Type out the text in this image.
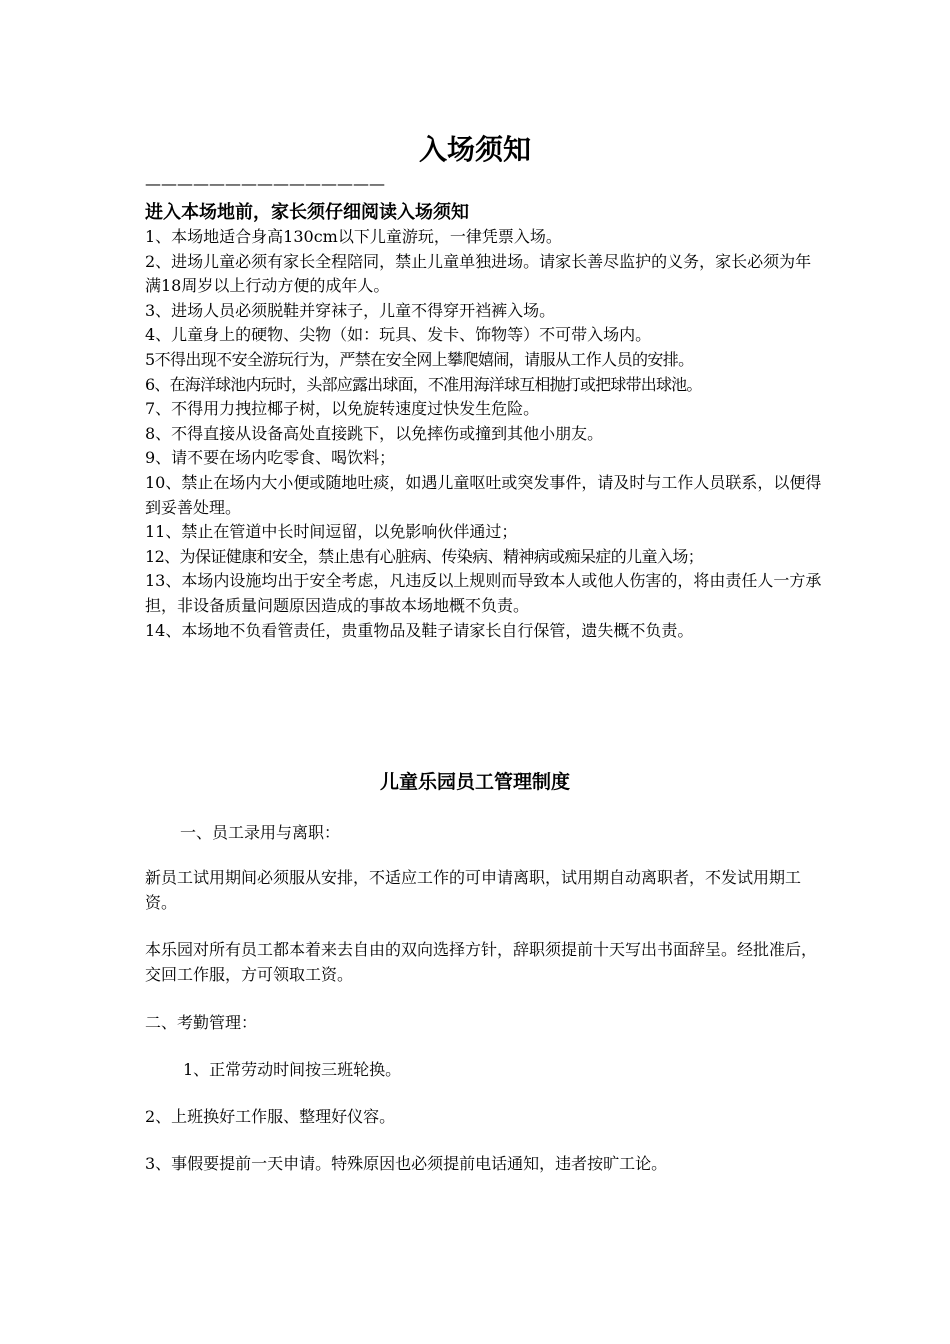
入场须知
———————————————
进入本场地前，家长须仔细阅读入场须知

1、本场地适合身高130cm以下儿童游玩，一律凭票入场。

2、进场儿童必须有家长全程陪同，禁止儿童单独进场。请家长善尽监护的义务，家长必须为年满18周岁以上行动方便的成年人。

3、进场人员必须脱鞋并穿袜子，儿童不得穿开裆裤入场。

4、儿童身上的硬物、尖物（如：玩具、发卡、饰物等）不可带入场内。

5不得出现不安全游玩行为，严禁在安全网上攀爬嬉闹，请服从工作人员的安排。

6、在海洋球池内玩时，头部应露出球面，不准用海洋球互相抛打或把球带出球池。

7、不得用力拽拉椰子树，以免旋转速度过快发生危险。

8、不得直接从设备高处直接跳下，以免摔伤或撞到其他小朋友。

9、请不要在场内吃零食、喝饮料；

10、禁止在场内大小便或随地吐痰，如遇儿童呕吐或突发事件，请及时与工作人员联系，以便得到妥善处理。

11、禁止在管道中长时间逗留，以免影响伙伴通过；

12、为保证健康和安全，禁止患有心脏病、传染病、精神病或痴呆症的儿童入场；

13、本场内设施均出于安全考虑，凡违反以上规则而导致本人或他人伤害的，将由责任人一方承担，非设备质量问题原因造成的事故本场地概不负责。

14、本场地不负看管责任，贵重物品及鞋子请家长自行保管，遗失概不负责。

儿童乐园员工管理制度

一、员工录用与离职：

新员工试用期间必须服从安排，不适应工作的可申请离职，试用期自动离职者，不发试用期工资。

本乐园对所有员工都本着来去自由的双向选择方针，辞职须提前十天写出书面辞呈。经批准后，交回工作服，方可领取工资。

二、考勤管理：

1、正常劳动时间按三班轮换。

2、上班换好工作服、整理好仪容。

3、事假要提前一天申请。特殊原因也必须提前电话通知，违者按旷工论。
